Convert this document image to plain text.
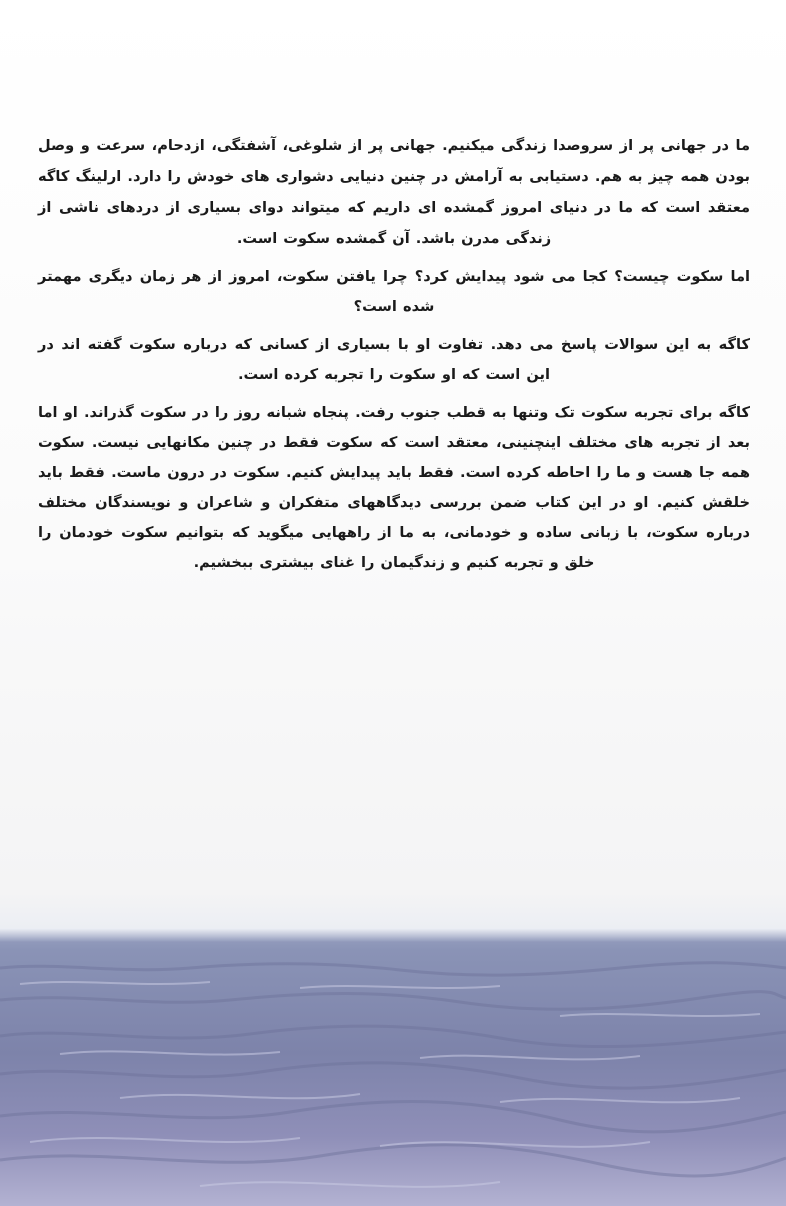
ما در جهانی پر از سروصدا زندگی میکنیم. جهانی پر از شلوغی، آشفتگی، ازدحام، سرعت و وصل بودن همه چیز به هم. دستیابی به آرامش در چنین دنیایی دشواری های خودش را دارد. ارلینگ کاگه معتقد است که ما در دنیای امروز گمشده ای داریم که میتواند دوای بسیاری از دردهای ناشی از زندگی مدرن باشد. آن گمشده سکوت است.

اما سکوت چیست؟ کجا می شود پیدایش کرد؟ چرا یافتن سکوت، امروز از هر زمان دیگری مهمتر شده است؟

کاگه به این سوالات پاسخ می دهد. تفاوت او با بسیاری از کسانی که درباره سکوت گفته اند در این است که او سکوت را تجربه کرده است.

کاگه برای تجربه سکوت تک وتنها به قطب جنوب رفت. پنجاه شبانه روز را در سکوت گذراند. او اما بعد از تجربه های مختلف اینچنینی، معتقد است که سکوت فقط در چنین مکانهایی نیست. سکوت همه جا هست و ما را احاطه کرده است. فقط باید پیدایش کنیم. سکوت در درون ماست. فقط باید خلقش کنیم. او در این کتاب ضمن بررسی دیدگاههای متفکران و شاعران و نویسندگان مختلف درباره سکوت، با زبانی ساده و خودمانی، به ما از راههایی میگوید که بتوانیم سکوت خودمان را خلق و تجربه کنیم و زندگیمان را غنای بیشتری ببخشیم.
